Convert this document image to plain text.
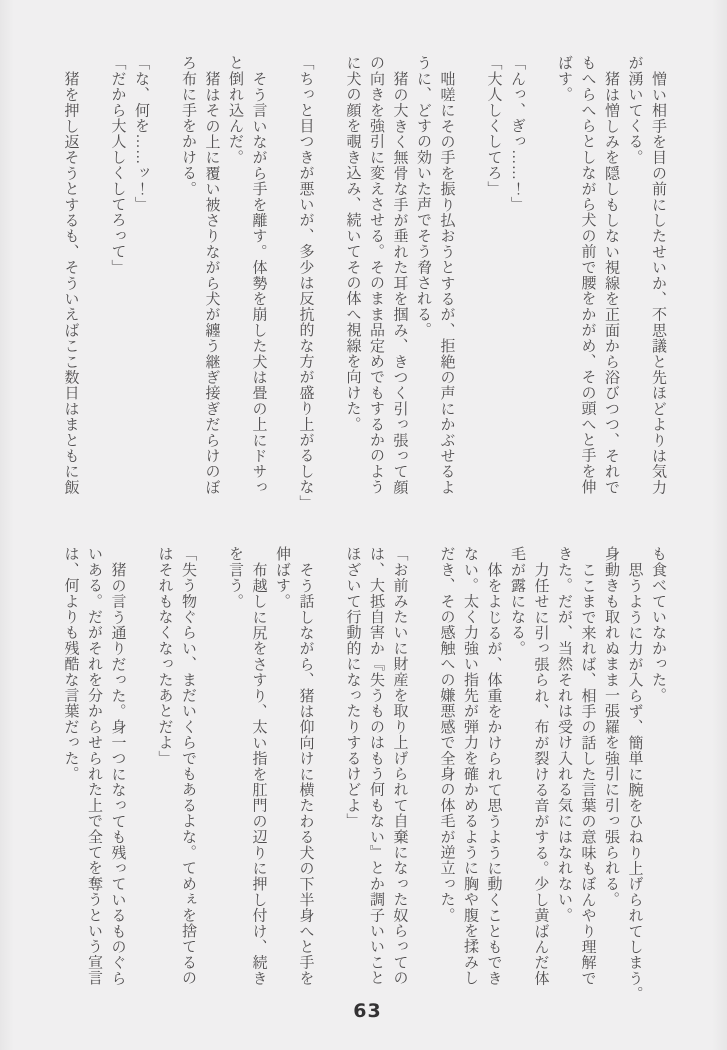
憎い相手を目の前にしたせいか、不思議と先ほどよりは気力
が湧いてくる。
猪は憎しみを隠しもしない視線を正面から浴びつつ、それで
もへらへらとしながら犬の前で腰をかがめ、その頭へと手を伸
ばす。
「んっ、ぎっ……！」
「大人しくしてろ」
咄嗟にその手を振り払おうとするが、拒絶の声にかぶせるよ
うに、どすの効いた声でそう脅される。
猪の大きく無骨な手が垂れた耳を掴み、きつく引っ張って顔
の向きを強引に変えさせる。そのまま品定めでもするかのよう
に犬の顔を覗き込み、続いてその体へ視線を向けた。
「ちっと目つきが悪いが、多少は反抗的な方が盛り上がるしな」
そう言いながら手を離す。体勢を崩した犬は畳の上にドサっ
と倒れ込んだ。
猪はその上に覆い被さりながら犬が纏う継ぎ接ぎだらけのぼ
ろ布に手をかける。
「な、何を……ッ！」
「だから大人しくしてろって」
猪を押し返そうとするも、そういえばここ数日はまともに飯
も食べていなかった。
思うように力が入らず、簡単に腕をひねり上げられてしまう。
身動きも取れぬまま一張羅を強引に引っ張られる。
ここまで来れば、相手の話した言葉の意味もぼんやり理解で
きた。だが、当然それは受け入れる気にはなれない。
力任せに引っ張られ、布が裂ける音がする。少し黄ばんだ体
毛が露になる。
体をよじるが、体重をかけられて思うように動くこともでき
ない。太く力強い指先が弾力を確かめるように胸や腹を揉みし
だき、その感触への嫌悪感で全身の体毛が逆立った。
「お前みたいに財産を取り上げられて自棄になった奴らっての
は、大抵自害か『失うものはもう何もない』とか調子いいこと
ほざいて行動的になったりするけどよ」
そう話しながら、猪は仰向けに横たわる犬の下半身へと手を
伸ばす。
布越しに尻をさすり、太い指を肛門の辺りに押し付け、続き
を言う。
「失う物ぐらい、まだいくらでもあるよな。てめぇを捨てるの
はそれもなくなったあとだよ」
猪の言う通りだった。身一つになっても残っているものぐら
いある。だがそれを分からせられた上で全てを奪うという宣言
は、何よりも残酷な言葉だった。
63
